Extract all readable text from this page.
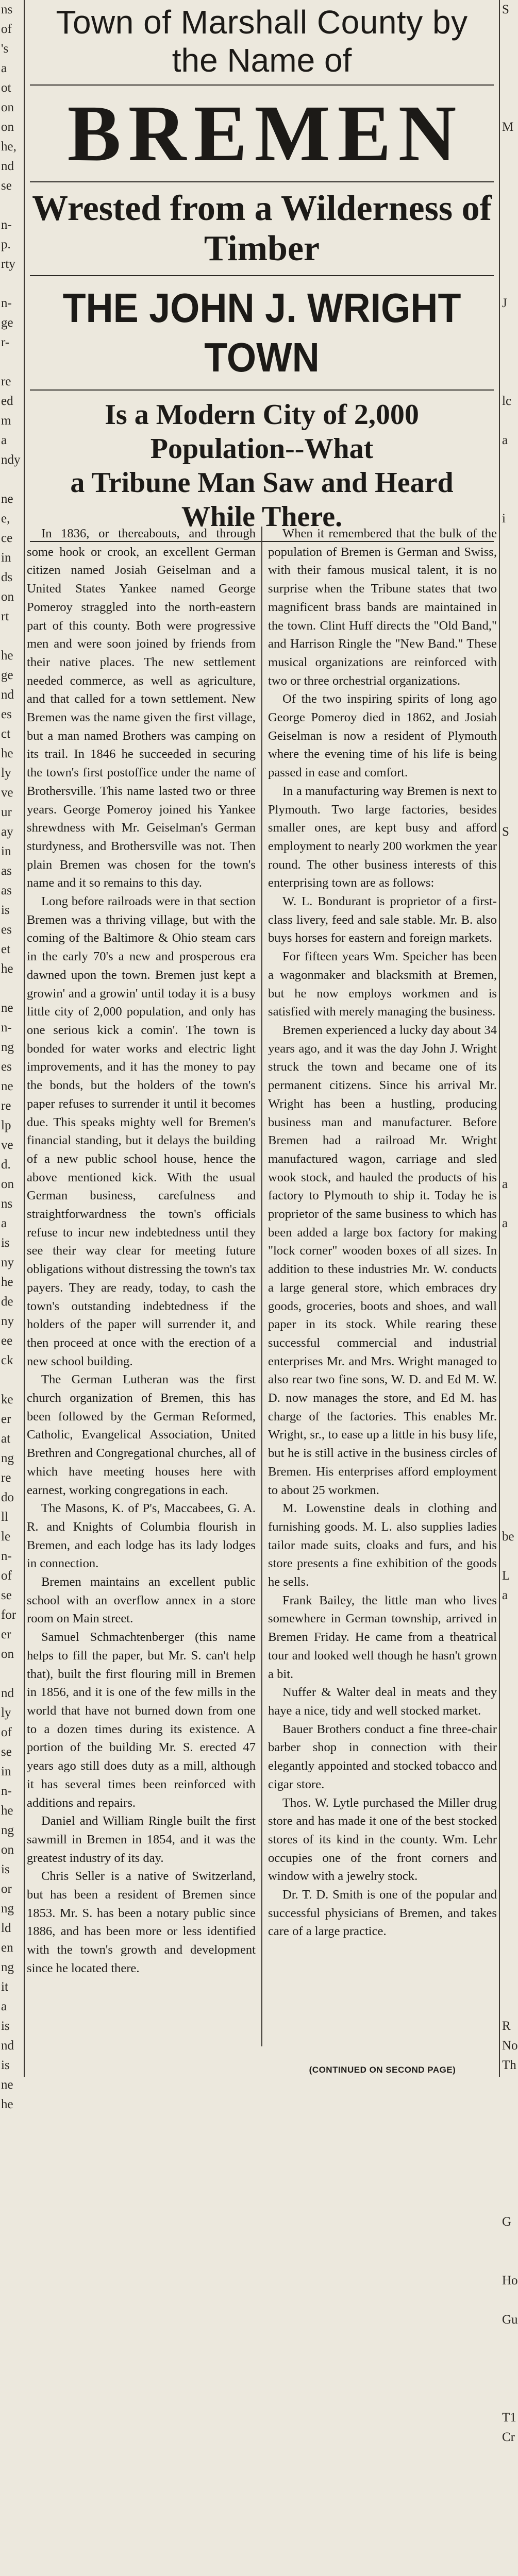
ns
of
's
a
ot
on
on
he,
nd
se

n-
p.
rty

n-
ge
r-

re
ed
m
a
ndy

ne
e,
ce
in
ds
on
rt

he
ge
nd
es
ct
he
ly
ve
ur
ay
in
as
as
is
es
et
he

ne
n-
ng
es
ne
re
lp
ve
d.
on
ns
a
is
ny
he
de
ny
ee
ck

ke
er
at
ng
re
do
ll
le
n-
of
se
for
er
on

nd
ly
of
se
in
n-
he
ng
on
is
or
ng
ld
en
ng
it
a
is
nd
is
ne
he
S

M

J

lc

a

i

S

a

a

be

L
a

R
No
Th

G

Ho

Gu

T1
Cr

Town of Marshall County by
the Name of
BREMEN
Wrested from a Wilderness of
Timber
THE JOHN J. WRIGHT TOWN
Is a Modern City of 2,000 Population--What
a Tribune Man Saw and Heard
While There.

In 1836, or thereabouts, and through some hook or crook, an excellent German citizen named Josiah Geiselman and a United States Yankee named George Pomeroy straggled into the north-eastern part of this county. Both were progressive men and were soon joined by friends from their native places. The new settlement needed commerce, as well as agriculture, and that called for a town settlement. New Bremen was the name given the first village, but a man named Brothers was camping on its trail. In 1846 he succeeded in securing the town's first postoffice under the name of Brothersville. This name lasted two or three years. George Pomeroy joined his Yankee shrewdness with Mr. Geiselman's German sturdyness, and Brothersville was not. Then plain Bremen was chosen for the town's name and it so remains to this day.

Long before railroads were in that section Bremen was a thriving village, but with the coming of the Baltimore & Ohio steam cars in the early 70's a new and prosperous era dawned upon the town. Bremen just kept a growin' and a growin' until today it is a busy little city of 2,000 population, and only has one serious kick a comin'. The town is bonded for water works and electric light improvements, and it has the money to pay the bonds, but the holders of the town's paper refuses to surrender it until it becomes due. This speaks mighty well for Bremen's financial standing, but it delays the building of a new public school house, hence the above mentioned kick. With the usual German business, carefulness and straightforwardness the town's officials refuse to incur new indebtedness until they see their way clear for meeting future obligations without distressing the town's tax payers. They are ready, today, to cash the town's outstanding indebtedness if the holders of the paper will surrender it, and then proceed at once with the erection of a new school building.

The German Lutheran was the first church organization of Bremen, this has been followed by the German Reformed, Catholic, Evangelical Association, United Brethren and Congregational churches, all of which have meeting houses here with earnest, working congregations in each.

The Masons, K. of P's, Maccabees, G. A. R. and Knights of Columbia flourish in Bremen, and each lodge has its lady lodges in connection.

Bremen maintains an excellent public school with an overflow annex in a store room on Main street.

Samuel Schmachtenberger (this name helps to fill the paper, but Mr. S. can't help that), built the first flouring mill in Bremen in 1856, and it is one of the few mills in the world that have not burned down from one to a dozen times during its existence. A portion of the building Mr. S. erected 47 years ago still does duty as a mill, although it has several times been reinforced with additions and repairs.

Daniel and William Ringle built the first sawmill in Bremen in 1854, and it was the greatest industry of its day.

Chris Seller is a native of Switzerland, but has been a resident of Bremen since 1853. Mr. S. has been a notary public since 1886, and has been more or less identified with the town's growth and development since he located there.

When it remembered that the bulk of the population of Bremen is German and Swiss, with their famous musical talent, it is no surprise when the Tribune states that two magnificent brass bands are maintained in the town. Clint Huff directs the "Old Band," and Harrison Ringle the "New Band." These musical organizations are reinforced with two or three orchestrial organizations.

Of the two inspiring spirits of long ago George Pomeroy died in 1862, and Josiah Geiselman is now a resident of Plymouth where the evening time of his life is being passed in ease and comfort.

In a manufacturing way Bremen is next to Plymouth. Two large factories, besides smaller ones, are kept busy and afford employment to nearly 200 workmen the year round. The other business interests of this enterprising town are as follows:

W. L. Bondurant is proprietor of a first-class livery, feed and sale stable. Mr. B. also buys horses for eastern and foreign markets.

For fifteen years Wm. Speicher has been a wagonmaker and blacksmith at Bremen, but he now employs workmen and is satisfied with merely managing the business.

Bremen experienced a lucky day about 34 years ago, and it was the day John J. Wright struck the town and became one of its permanent citizens. Since his arrival Mr. Wright has been a hustling, producing business man and manufacturer. Before Bremen had a railroad Mr. Wright manufactured wagon, carriage and sled wook stock, and hauled the products of his factory to Plymouth to ship it. Today he is proprietor of the same business to which has been added a large box factory for making "lock corner" wooden boxes of all sizes. In addition to these industries Mr. W. conducts a large general store, which embraces dry goods, groceries, boots and shoes, and wall paper in its stock. While rearing these successful commercial and industrial enterprises Mr. and Mrs. Wright managed to also rear two fine sons, W. D. and Ed M. W. D. now manages the store, and Ed M. has charge of the factories. This enables Mr. Wright, sr., to ease up a little in his busy life, but he is still active in the business circles of Bremen. His enterprises afford employment to about 25 workmen.

M. Lowenstine deals in clothing and furnishing goods. M. L. also supplies ladies tailor made suits, cloaks and furs, and his store presents a fine exhibition of the goods he sells.

Frank Bailey, the little man who lives somewhere in German township, arrived in Bremen Friday. He came from a theatrical tour and looked well though he hasn't grown a bit.

Nuffer & Walter deal in meats and they haye a nice, tidy and well stocked market.

Bauer Brothers conduct a fine three-chair barber shop in connection with their elegantly appointed and stocked tobacco and cigar store.

Thos. W. Lytle purchased the Miller drug store and has made it one of the best stocked stores of its kind in the county. Wm. Lehr occupies one of the front corners and window with a jewelry stock.

Dr. T. D. Smith is one of the popular and successful physicians of Bremen, and takes care of a large practice.

(CONTINUED ON SECOND PAGE)
